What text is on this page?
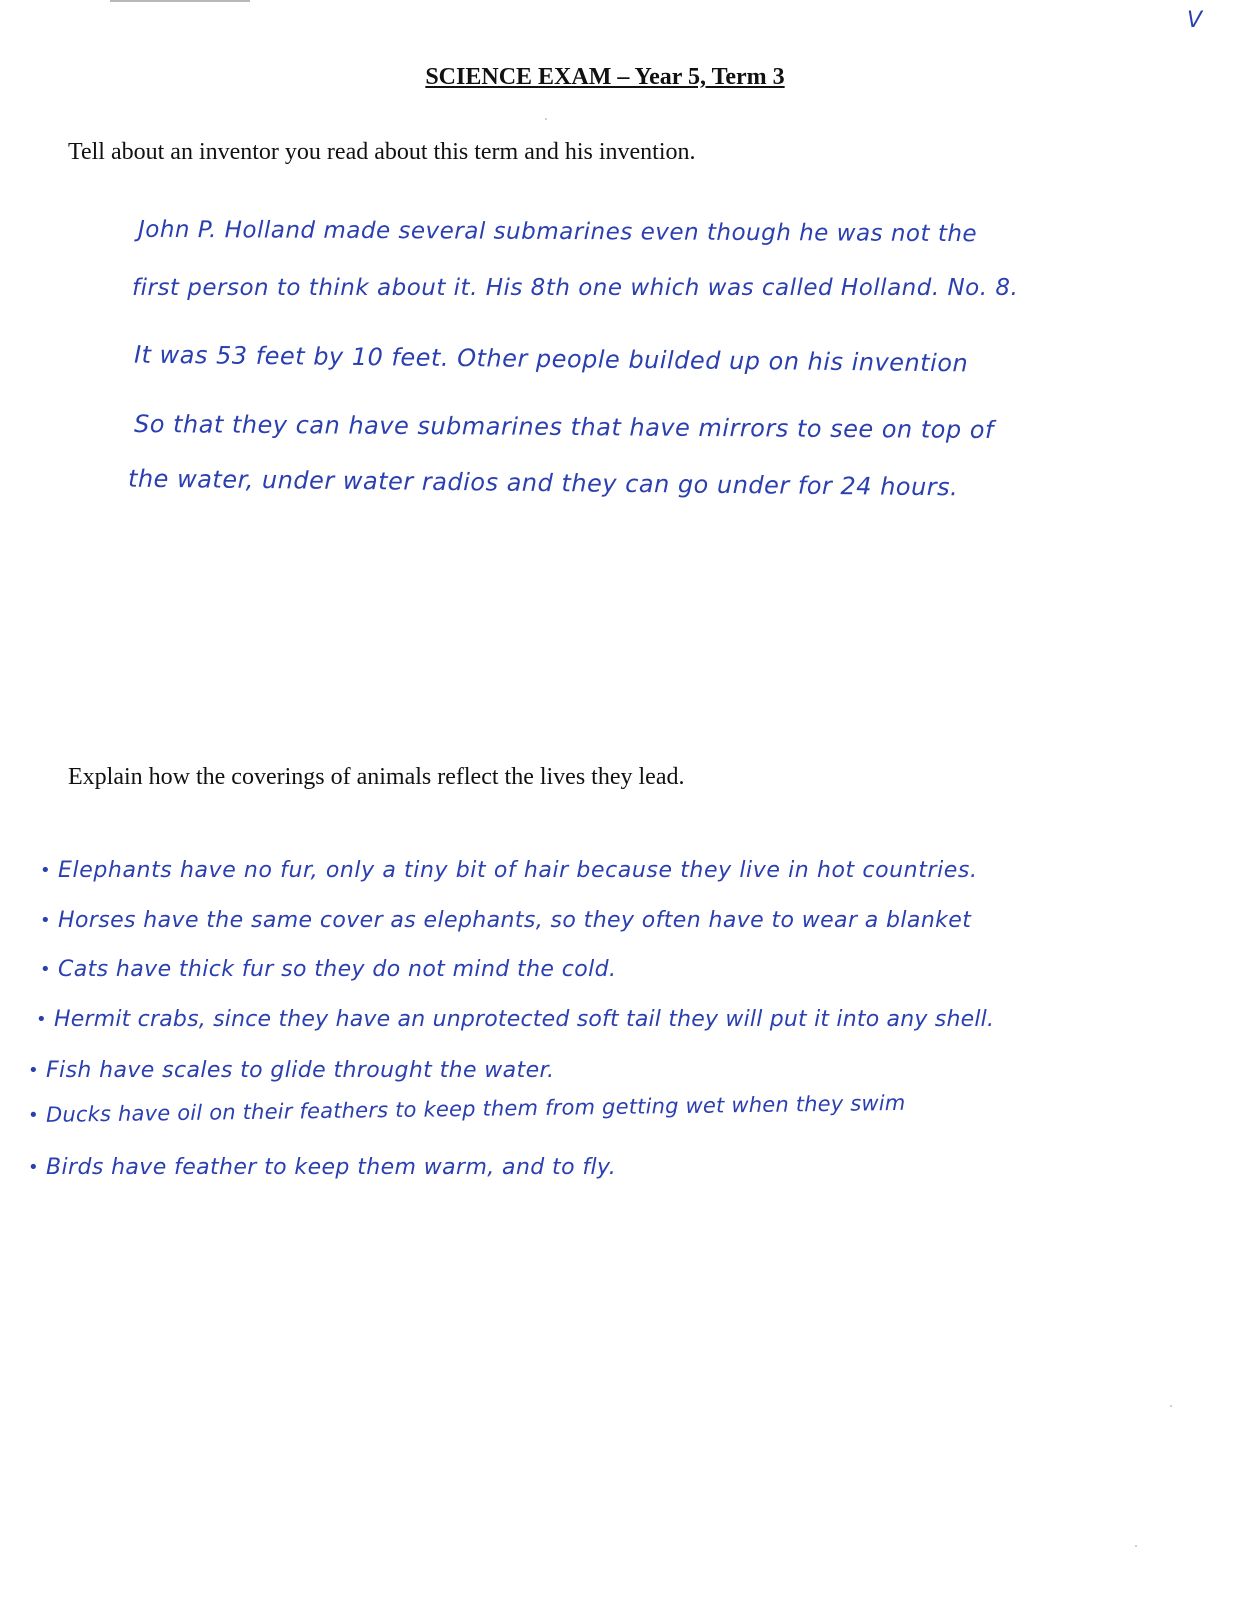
V
SCIENCE EXAM – Year 5, Term 3

Tell about an inventor you read about this term and his invention.

John P. Holland made several submarines even though he was not the

first person to think about it. His 8th one which was called Holland. No. 8.

It was 53 feet by 10 feet. Other people builded up on his invention

So that they can have submarines that have mirrors to see on top of

the water, under water radios and they can go under for 24 hours.

Explain how the coverings of animals reflect the lives they lead.

• Elephants have no fur, only a tiny bit of hair because they live in hot countries.
• Horses have the same cover as elephants, so they often have to wear a blanket
• Cats have thick fur so they do not mind the cold.
• Hermit crabs, since they have an unprotected soft tail they will put it into any shell.
• Fish have scales to glide throught the water.
• Ducks have oil on their feathers to keep them from getting wet when they swim
• Birds have feather to keep them warm, and to fly.
